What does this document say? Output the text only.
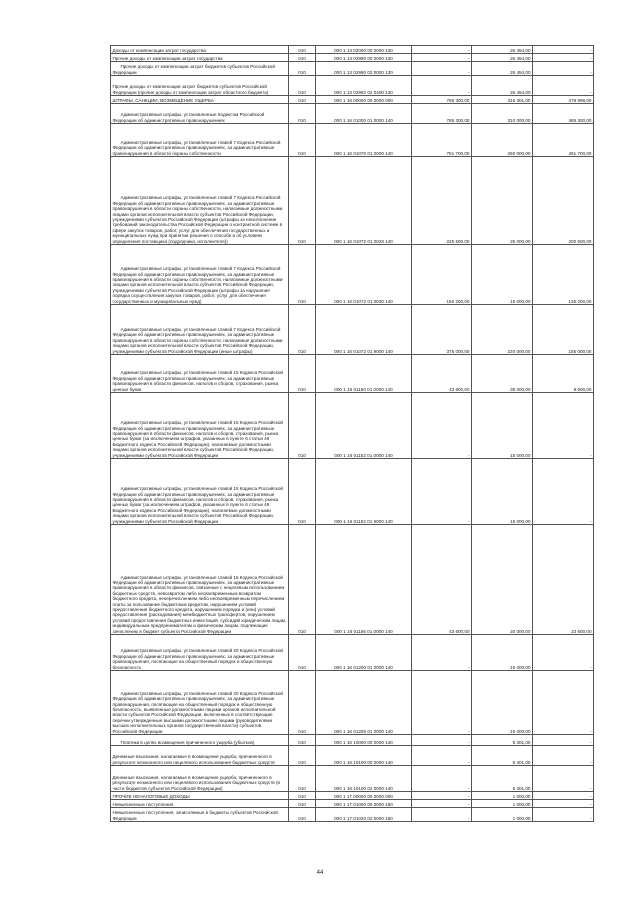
Доходы от компенсации затрат государства	010	000 1 13 02000 00 0000 130	-	26 454,00	-
Прочие доходы от компенсации затрат государства	010	000 1 13 02990 00 0000 130	-	26 454,00	-
Прочие доходы от компенсации затрат бюджетов субъектов Российской Федерации	010	000 1 13 02990 02 0000 130	-	26 454,00	-
Прочие доходы от компенсации затрат бюджетов субъектов Российской Федерации (прочие доходы от компенсации затрат областного бюджета)	010	000 1 13 02992 02 0400 130	-	26 454,00	-
ШТРАФЫ, САНКЦИИ, ВОЗМЕЩЕНИЕ УЩЕРБА	010	000 1 16 00000 00 0000 000	785 300,00	316 301,00	478 999,00
Административные штрафы, установленные Кодексом Российской Федерации об административных правонарушениях	010	000 1 16 01000 01 0000 140	785 300,00	310 000,00	485 300,00
Административные штрафы, установленные главой 7 Кодекса Российской Федерации об административных правонарушениях, за административные правонарушения в области охраны собственности	010	000 1 16 01070 01 0000 140	751 700,00	260 000,00	491 700,00
Административные штрафы, установленные главой 7 Кодекса Российской Федерации об административных правонарушениях, за административные правонарушения в области охраны собственности, налагаемые должностными лицами органов исполнительной власти субъектов Российской Федерации, учреждениями субъектов Российской Федерации (штрафы за неисполнение требований законодательства Российской Федерации о контрактной системе в сфере закупок товаров, работ, услуг для обеспечения государственных и муниципальных нужд при принятии решения о способе и об условиях определения поставщика (подрядчика, исполнителя))	010	000 1 16 01072 01 0028 140	225 500,00	25 000,00	200 500,00
Административные штрафы, установленные главой 7 Кодекса Российской Федерации об административных правонарушениях, за административные правонарушения в области охраны собственности, налагаемые должностными лицами органов исполнительной власти субъектов Российской Федерации, учреждениями субъектов Российской Федерации (штрафы за нарушение порядка осуществления закупок товаров, работ, услуг для обеспечения государственных и муниципальных нужд)	010	000 1 16 01072 01 0030 140	150 200,00	15 000,00	135 200,00
Административные штрафы, установленные главой 7 Кодекса Российской Федерации об административных правонарушениях, за административные правонарушения в области охраны собственности, налагаемые должностными лицами органов исполнительной власти субъектов Российской Федерации, учреждениями субъектов Российской Федерации (иные штрафы)	010	000 1 16 01072 01 9000 140	375 000,00	220 000,00	155 000,00
Административные штрафы, установленные главой 15 Кодекса Российской Федерации об административных правонарушениях, за административные правонарушения в области финансов, налогов и сборов, страхования, рынка ценных бумаг	010	000 1 16 01150 01 0000 140	43 600,00	35 000,00	8 600,00
Административные штрафы, установленные главой 15 Кодекса Российской Федерации об административных правонарушениях, за административные правонарушения в области финансов, налогов и сборов, страхования, рынка ценных бумаг (за исключением штрафов, указанных в пункте 6 статьи 46 Бюджетного кодекса Российской Федерации), налагаемые должностными лицами органов исполнительной власти субъектов Российской Федерации, учреждениями субъектов Российской Федерации	010	000 1 16 01152 01 0000 140	-	15 000,00	-
Административные штрафы, установленные главой 15 Кодекса Российской Федерации об административных правонарушениях, за административные правонарушения в области финансов, налогов и сборов, страхования, рынка ценных бумаг (за исключением штрафов, указанных в пункте 6 статьи 46 Бюджетного кодекса Российской Федерации), налагаемые должностными лицами органов исполнительной власти субъектов Российской Федерации, учреждениями субъектов Российской Федерации	010	000 1 16 01152 01 9000 140	-	15 000,00	-
Административные штрафы, установленные главой 15 Кодекса Российской Федерации об административных правонарушениях, за административные правонарушения в области финансов, связанные с нецелевым использованием бюджетных средств, невозвратом либо несвоевременным возвратом бюджетного кредита, неперечислением либо несвоевременным перечислением платы за пользование бюджетным кредитом, нарушением условий предоставления бюджетного кредита, нарушением порядка и (или) условий предоставления (расходования) межбюджетных трансфертов, нарушением условий предоставления бюджетных инвестиций, субсидий юридическим лицам, индивидуальным предпринимателям и физическим лицам, подлежащие зачислению в бюджет субъекта Российской Федерации	010	000 1 16 01156 01 0000 140	43 600,00	20 000,00	23 600,00
Административные штрафы, установленные главой 20 Кодекса Российской Федерации об административных правонарушениях, за административные правонарушения, посягающие на общественный порядок и общественную безопасность	010	000 1 16 01200 01 0000 140	-	15 000,00	-
Административные штрафы, установленные главой 20 Кодекса Российской Федерации об административных правонарушениях, за административные правонарушения, посягающие на общественный порядок и общественную безопасность, выявленные должностными лицами органов исполнительной власти субъектов Российской Федерации, включенных в соответствующие перечни утвержденные высшими должностными лицами (руководителями высших исполнительных органов государственной власти) субъектов Российской Федерации	010	000 1 16 01205 01 0000 140	-	15 000,00	-
Платежи в целях возмещения причиненного ущерба (убытков)	010	000 1 16 10000 00 0000 140	-	6 301,00	-
Денежные взыскания, налагаемые в возмещение ущерба, причиненного в результате незаконного или нецелевого использования бюджетных средств	010	000 1 16 10100 00 0000 140	-	6 301,00	-
Денежные взыскания, налагаемые в возмещение ущерба, причиненного в результате незаконного или нецелевого использования бюджетных средств (в части бюджетов субъектов Российской Федерации)	010	000 1 16 10100 02 0000 140	-	6 301,00	-
ПРОЧИЕ НЕНАЛОГОВЫЕ ДОХОДЫ	010	000 1 17 00000 00 0000 000	-	1 000,00	-
Невыясненные поступления	010	000 1 17 01000 00 0000 180	-	1 000,00	-
Невыясненные поступления, зачисляемые в бюджеты субъектов Российской Федерации	010	000 1 17 01020 02 0000 180	-	1 000,00	-
44
